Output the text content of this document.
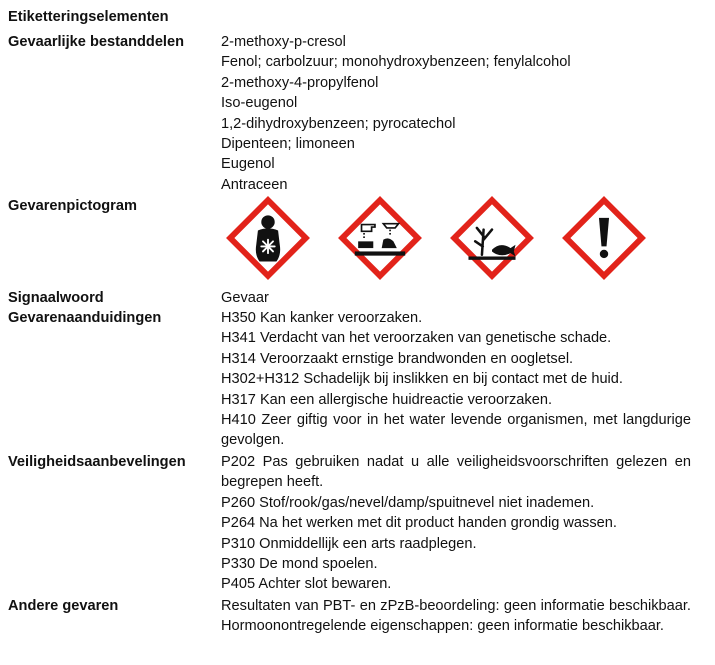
Etiketteringselementen
Gevaarlijke bestanddelen	2-methoxy-p-cresol
Fenol; carbolzuur; monohydroxybenzeen; fenylalcohol
2-methoxy-4-propylfenol
Iso-eugenol
1,2-dihydroxybenzeen; pyrocatechol
Dipenteen; limoneen
Eugenol
Antraceen
Gevarenpictogram
Signaalwoord	Gevaar
Gevarenaanduidingen	H350 Kan kanker veroorzaken.
H341 Verdacht van het veroorzaken van genetische schade.
H314 Veroorzaakt ernstige brandwonden en oogletsel.
H302+H312 Schadelijk bij inslikken en bij contact met de huid.
H317 Kan een allergische huidreactie veroorzaken.
H410 Zeer giftig voor in het water levende organismen, met langdurige gevolgen.
Veiligheidsaanbevelingen P202 Pas gebruiken nadat u alle veiligheidsvoorschriften gelezen en begrepen heeft.
P260 Stof/rook/gas/nevel/damp/spuitnevel niet inademen.
P264 Na het werken met dit product handen grondig wassen.
P310 Onmiddellijk een arts raadplegen.
P330 De mond spoelen.
P405 Achter slot bewaren.
Andere gevaren	Resultaten van PBT- en zPzB-beoordeling: geen informatie beschikbaar. Hormoonontregelende eigenschappen: geen informatie beschikbaar.
